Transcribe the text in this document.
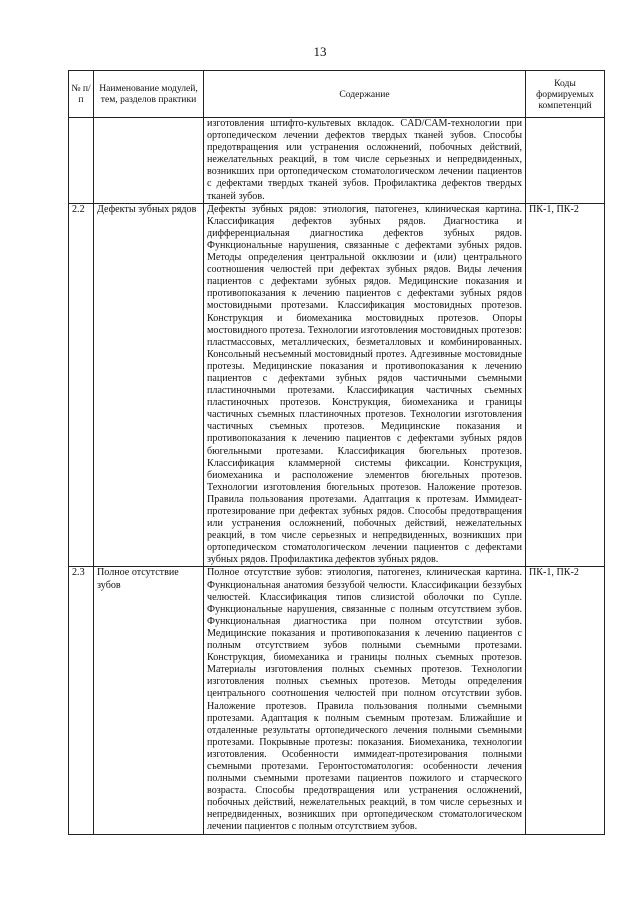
13
№ п/п	Наименование модулей, тем, разделов практики	Содержание	Коды формируемых компетенций
		изготовления штифто-культевых вкладок. CAD/CAM-технологии при ортопедическом лечении дефектов твердых тканей зубов. Способы предотвращения или устранения осложнений, побочных действий, нежелательных реакций, в том числе серьезных и непредвиденных, возникших при ортопедическом стоматологическом лечении пациентов с дефектами твердых тканей зубов. Профилактика дефектов твердых тканей зубов.	
2.2	Дефекты зубных рядов	Дефекты зубных рядов: этиология, патогенез, клиническая картина. Классификация дефектов зубных рядов. Диагностика и дифференциальная диагностика дефектов зубных рядов. Функциональные нарушения, связанные с дефектами зубных рядов. Методы определения центральной окклюзии и (или) центрального соотношения челюстей при дефектах зубных рядов. Виды лечения пациентов с дефектами зубных рядов. Медицинские показания и противопоказания к лечению пациентов с дефектами зубных рядов мостовидными протезами. Классификация мостовидных протезов. Конструкция и биомеханика мостовидных протезов. Опоры мостовидного протеза. Технологии изготовления мостовидных протезов: пластмассовых, металлических, безметалловых и комбинированных. Консольный несъемный мостовидный протез. Адгезивные мостовидные протезы. Медицинские показания и противопоказания к лечению пациентов с дефектами зубных рядов частичными съемными пластиночными протезами. Классификация частичных съемных пластиночных протезов. Конструкция, биомеханика и границы частичных съемных пластиночных протезов. Технологии изготовления частичных съемных протезов. Медицинские показания и противопоказания к лечению пациентов с дефектами зубных рядов бюгельными протезами. Классификация бюгельных протезов. Классификация кламмерной системы фиксации. Конструкция, биомеханика и расположение элементов бюгельных протезов. Технологии изготовления бюгельных протезов. Наложение протезов. Правила пользования протезами. Адаптация к протезам. Иммидеат-протезирование при дефектах зубных рядов. Способы предотвращения или устранения осложнений, побочных действий, нежелательных реакций, в том числе серьезных и непредвиденных, возникших при ортопедическом стоматологическом лечении пациентов с дефектами зубных рядов. Профилактика дефектов зубных рядов.	ПК-1, ПК-2
2.3	Полное отсутствие зубов	Полное отсутствие зубов: этиология, патогенез, клиническая картина. Функциональная анатомия беззубой челюсти. Классификации беззубых челюстей. Классификация типов слизистой оболочки по Супле. Функциональные нарушения, связанные с полным отсутствием зубов. Функциональная диагностика при полном отсутствии зубов. Медицинские показания и противопоказания к лечению пациентов с полным отсутствием зубов полными съемными протезами. Конструкция, биомеханика и границы полных съемных протезов. Материалы изготовления полных съемных протезов. Технологии изготовления полных съемных протезов. Методы определения центрального соотношения челюстей при полном отсутствии зубов. Наложение протезов. Правила пользования полными съемными протезами. Адаптация к полным съемным протезам. Ближайшие и отдаленные результаты ортопедического лечения полными съемными протезами. Покрывные протезы: показания. Биомеханика, технологии изготовления. Особенности иммидеат-протезирования полными съемными протезами. Геронтостоматология: особенности лечения полными съемными протезами пациентов пожилого и старческого возраста. Способы предотвращения или устранения осложнений, побочных действий, нежелательных реакций, в том числе серьезных и непредвиденных, возникших при ортопедическом стоматологическом лечении пациентов с полным отсутствием зубов.	ПК-1, ПК-2
